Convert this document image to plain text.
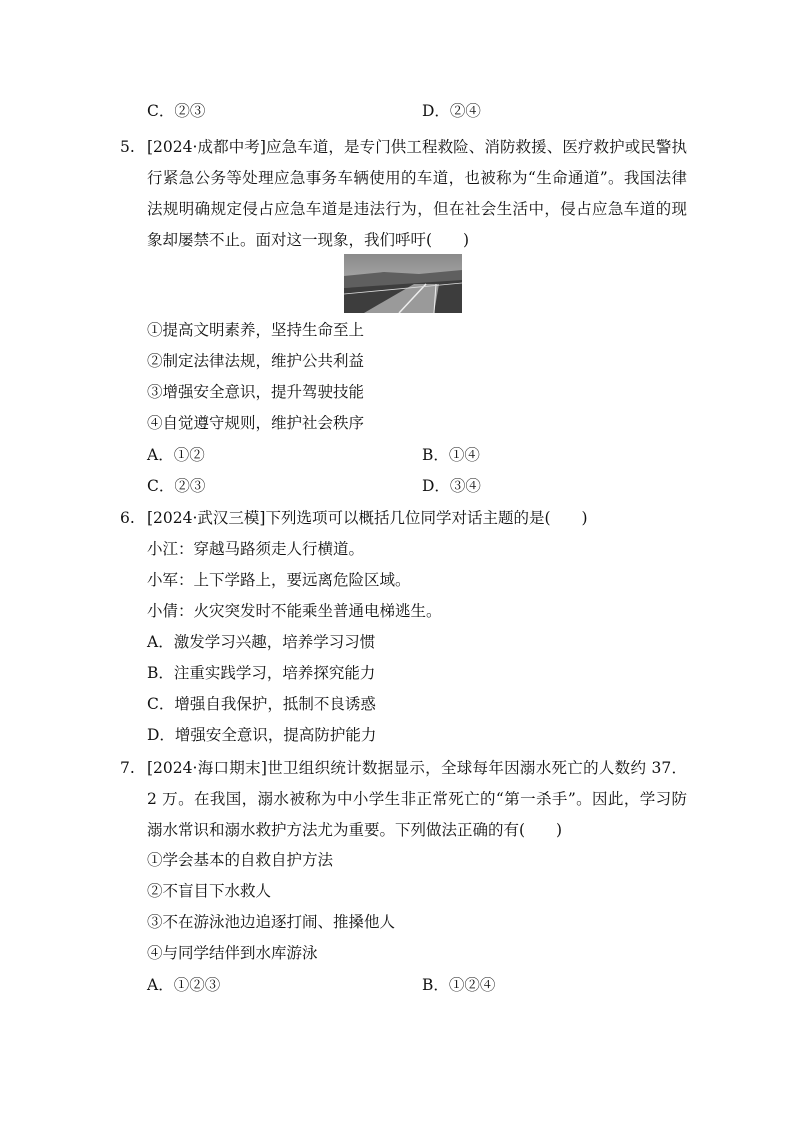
C．②③	D．②④
5. [2024·成都中考]应急车道，是专门供工程救险、消防救援、医疗救护或民警执行紧急公务等处理应急事务车辆使用的车道，也被称为“生命通道”。我国法律法规明确规定侵占应急车道是违法行为，但在社会生活中，侵占应急车道的现象却屡禁不止。面对这一现象，我们呼吁(　　)
①提高文明素养，坚持生命至上
②制定法律法规，维护公共利益
③增强安全意识，提升驾驶技能
④自觉遵守规则，维护社会秩序
A．①②	B．①④
C．②③	D．③④
6. [2024·武汉三模]下列选项可以概括几位同学对话主题的是(　　)
小江：穿越马路须走人行横道。
小军：上下学路上，要远离危险区域。
小倩：火灾突发时不能乘坐普通电梯逃生。
A．激发学习兴趣，培养学习习惯
B．注重实践学习，培养探究能力
C．增强自我保护，抵制不良诱惑
D．增强安全意识，提高防护能力
7. [2024·海口期末]世卫组织统计数据显示，全球每年因溺水死亡的人数约 37．2 万。在我国，溺水被称为中小学生非正常死亡的“第一杀手”。因此，学习防溺水常识和溺水救护方法尤为重要。下列做法正确的有(　　)
①学会基本的自救自护方法
②不盲目下水救人
③不在游泳池边追逐打闹、推搡他人
④与同学结伴到水库游泳
A．①②③	B．①②④
